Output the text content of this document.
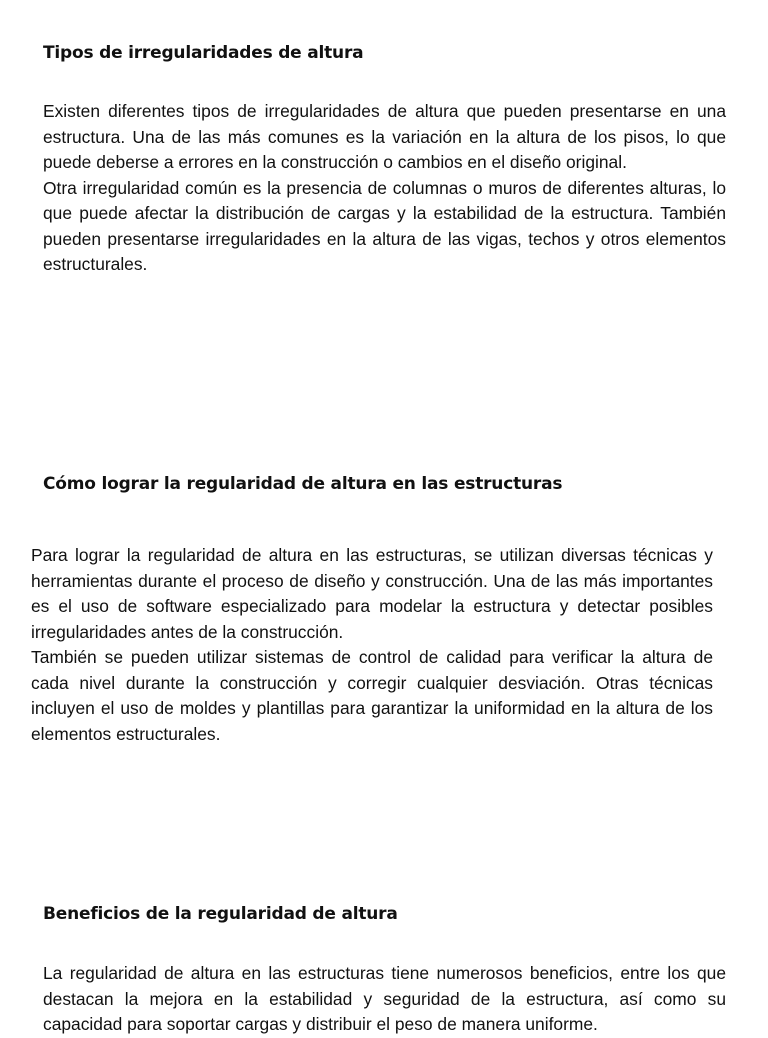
Tipos de irregularidades de altura
Existen diferentes tipos de irregularidades de altura que pueden presentarse en una estructura. Una de las más comunes es la variación en la altura de los pisos, lo que puede deberse a errores en la construcción o cambios en el diseño original.
Otra irregularidad común es la presencia de columnas o muros de diferentes alturas, lo que puede afectar la distribución de cargas y la estabilidad de la estructura. También pueden presentarse irregularidades en la altura de las vigas, techos y otros elementos estructurales.
Cómo lograr la regularidad de altura en las estructuras
Para lograr la regularidad de altura en las estructuras, se utilizan diversas técnicas y herramientas durante el proceso de diseño y construcción. Una de las más importantes es el uso de software especializado para modelar la estructura y detectar posibles irregularidades antes de la construcción.
También se pueden utilizar sistemas de control de calidad para verificar la altura de cada nivel durante la construcción y corregir cualquier desviación. Otras técnicas incluyen el uso de moldes y plantillas para garantizar la uniformidad en la altura de los elementos estructurales.
Beneficios de la regularidad de altura
La regularidad de altura en las estructuras tiene numerosos beneficios, entre los que destacan la mejora en la estabilidad y seguridad de la estructura, así como su capacidad para soportar cargas y distribuir el peso de manera uniforme.
